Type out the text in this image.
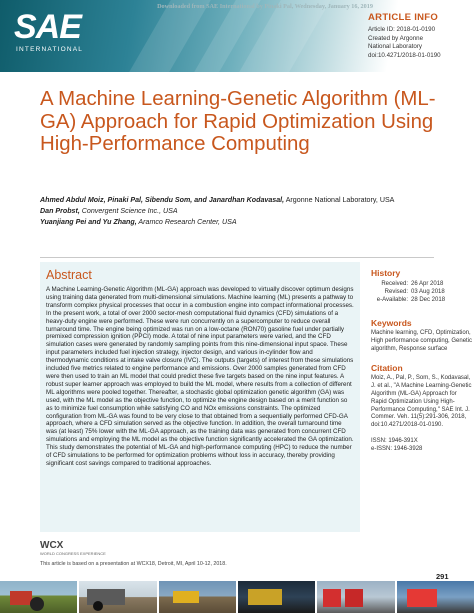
SAE
INTERNATIONAL
Downloaded from SAE International by Pinaki Pal, Wednesday, January 16, 2019
ARTICLE INFO
Article ID: 2018-01-0190
Created by Argonne
National Laboratory
doi:10.4271/2018-01-0190
A Machine Learning-Genetic Algorithm (ML-GA) Approach for Rapid Optimization Using High-Performance Computing
Ahmed Abdul Moiz, Pinaki Pal, Sibendu Som, and Janardhan Kodavasal, Argonne National Laboratory, USA
Dan Probst, Convergent Science Inc., USA
Yuanjiang Pei and Yu Zhang, Aramco Research Center, USA
Abstract
A Machine Learning-Genetic Algorithm (ML-GA) approach was developed to virtually discover optimum designs using training data generated from multi-dimensional simulations. Machine learning (ML) presents a pathway to transform complex physical processes that occur in a combustion engine into compact informational processes. In the present work, a total of over 2000 sector-mesh computational fluid dynamics (CFD) simulations of a heavy-duty engine were performed. These were run concurrently on a supercomputer to reduce overall turnaround time. The engine being optimized was run on a low-octane (RON70) gasoline fuel under partially premixed compression ignition (PPCI) mode. A total of nine input parameters were varied, and the CFD simulation cases were generated by randomly sampling points from this nine-dimensional input space. These input parameters included fuel injection strategy, injector design, and various in-cylinder flow and thermodynamic conditions at intake valve closure (IVC). The outputs (targets) of interest from these simulations included five metrics related to engine performance and emissions. Over 2000 samples generated from CFD were then used to train an ML model that could predict these five targets based on the nine input features. A robust super learner approach was employed to build the ML model, where results from a collection of different ML algorithms were pooled together. Thereafter, a stochastic global optimization genetic algorithm (GA) was used, with the ML model as the objective function, to optimize the engine design based on a merit function so as to minimize fuel consumption while satisfying CO and NOx emissions constraints. The optimized configuration from ML-GA was found to be very close to that obtained from a sequentially performed CFD-GA approach, where a CFD simulation served as the objective function. In addition, the overall turnaround time was (at least) 75% lower with the ML-GA approach, as the training data was generated from concurrent CFD simulations and employing the ML model as the objective function significantly accelerated the GA optimization. This study demonstrates the potential of ML-GA and high-performance computing (HPC) to reduce the number of CFD simulations to be performed for optimization problems without loss in accuracy, thereby providing significant cost savings compared to traditional approaches.
History
Received: 26 Apr 2018
Revised: 03 Aug 2018
e-Available: 28 Dec 2018
Keywords
Machine learning, CFD, Optimization, High performance computing, Genetic algorithm, Response surface
Citation
Moiz, A., Pal, P., Som, S., Kodavasal, J. et al., "A Machine Learning-Genetic Algorithm (ML-GA) Approach for Rapid Optimization Using High-Performance Computing," SAE Int. J. Commer. Veh. 11(5):291-306, 2018, doi:10.4271/2018-01-0190.
ISSN: 1946-391X
e-ISSN: 1946-3928
WCX
WORLD CONGRESS EXPERIENCE
This article is based on a presentation at WCX18, Detroit, MI, April 10-12, 2018.
291
